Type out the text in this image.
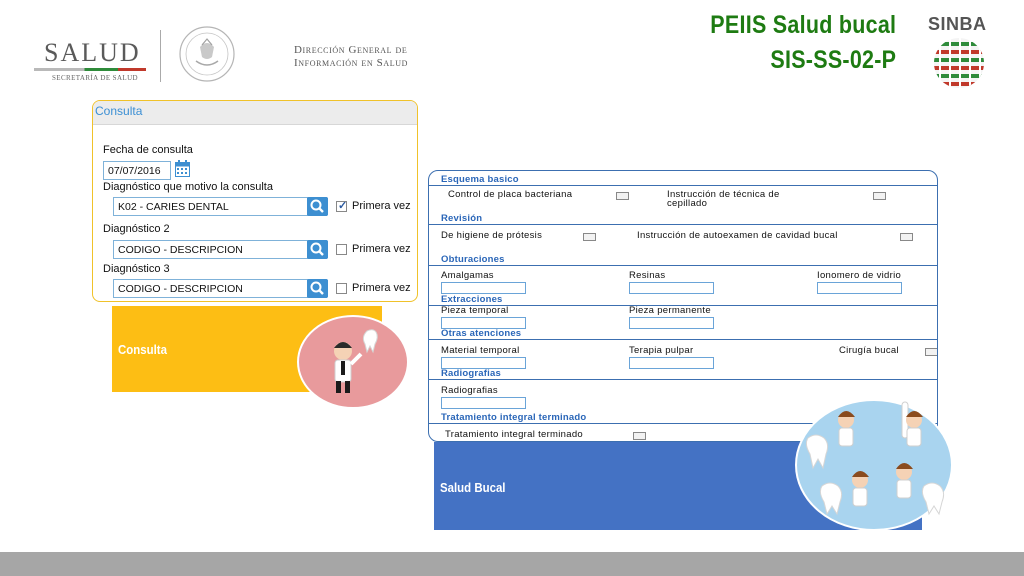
SALUD
SECRETARÍA DE SALUD
Dirección General de
Información en Salud
PEIIS Salud bucal
SIS-SS-02-P
SINBA
Consulta
Fecha de consulta
07/07/2016
Diagnóstico que motivo la consulta
K02 - CARIES DENTAL
✓	Primera vez
Diagnóstico 2
CODIGO - DESCRIPCION	Primera vez
Diagnóstico 3
CODIGO - DESCRIPCION	Primera vez
Consulta
Esquema basico
Control de placa bacteriana	Instrucción de técnica de
cepillado
Revisión
De higiene de prótesis	Instrucción de autoexamen de cavidad bucal
Obturaciones
Amalgamas	Resinas	Ionomero de vidrio
Extracciones
Pieza temporal	Pieza permanente
Otras atenciones
Material temporal	Terapia pulpar	Cirugía bucal
Radiografias
Radiografias
Tratamiento integral terminado
Tratamiento integral terminado
Salud Bucal
